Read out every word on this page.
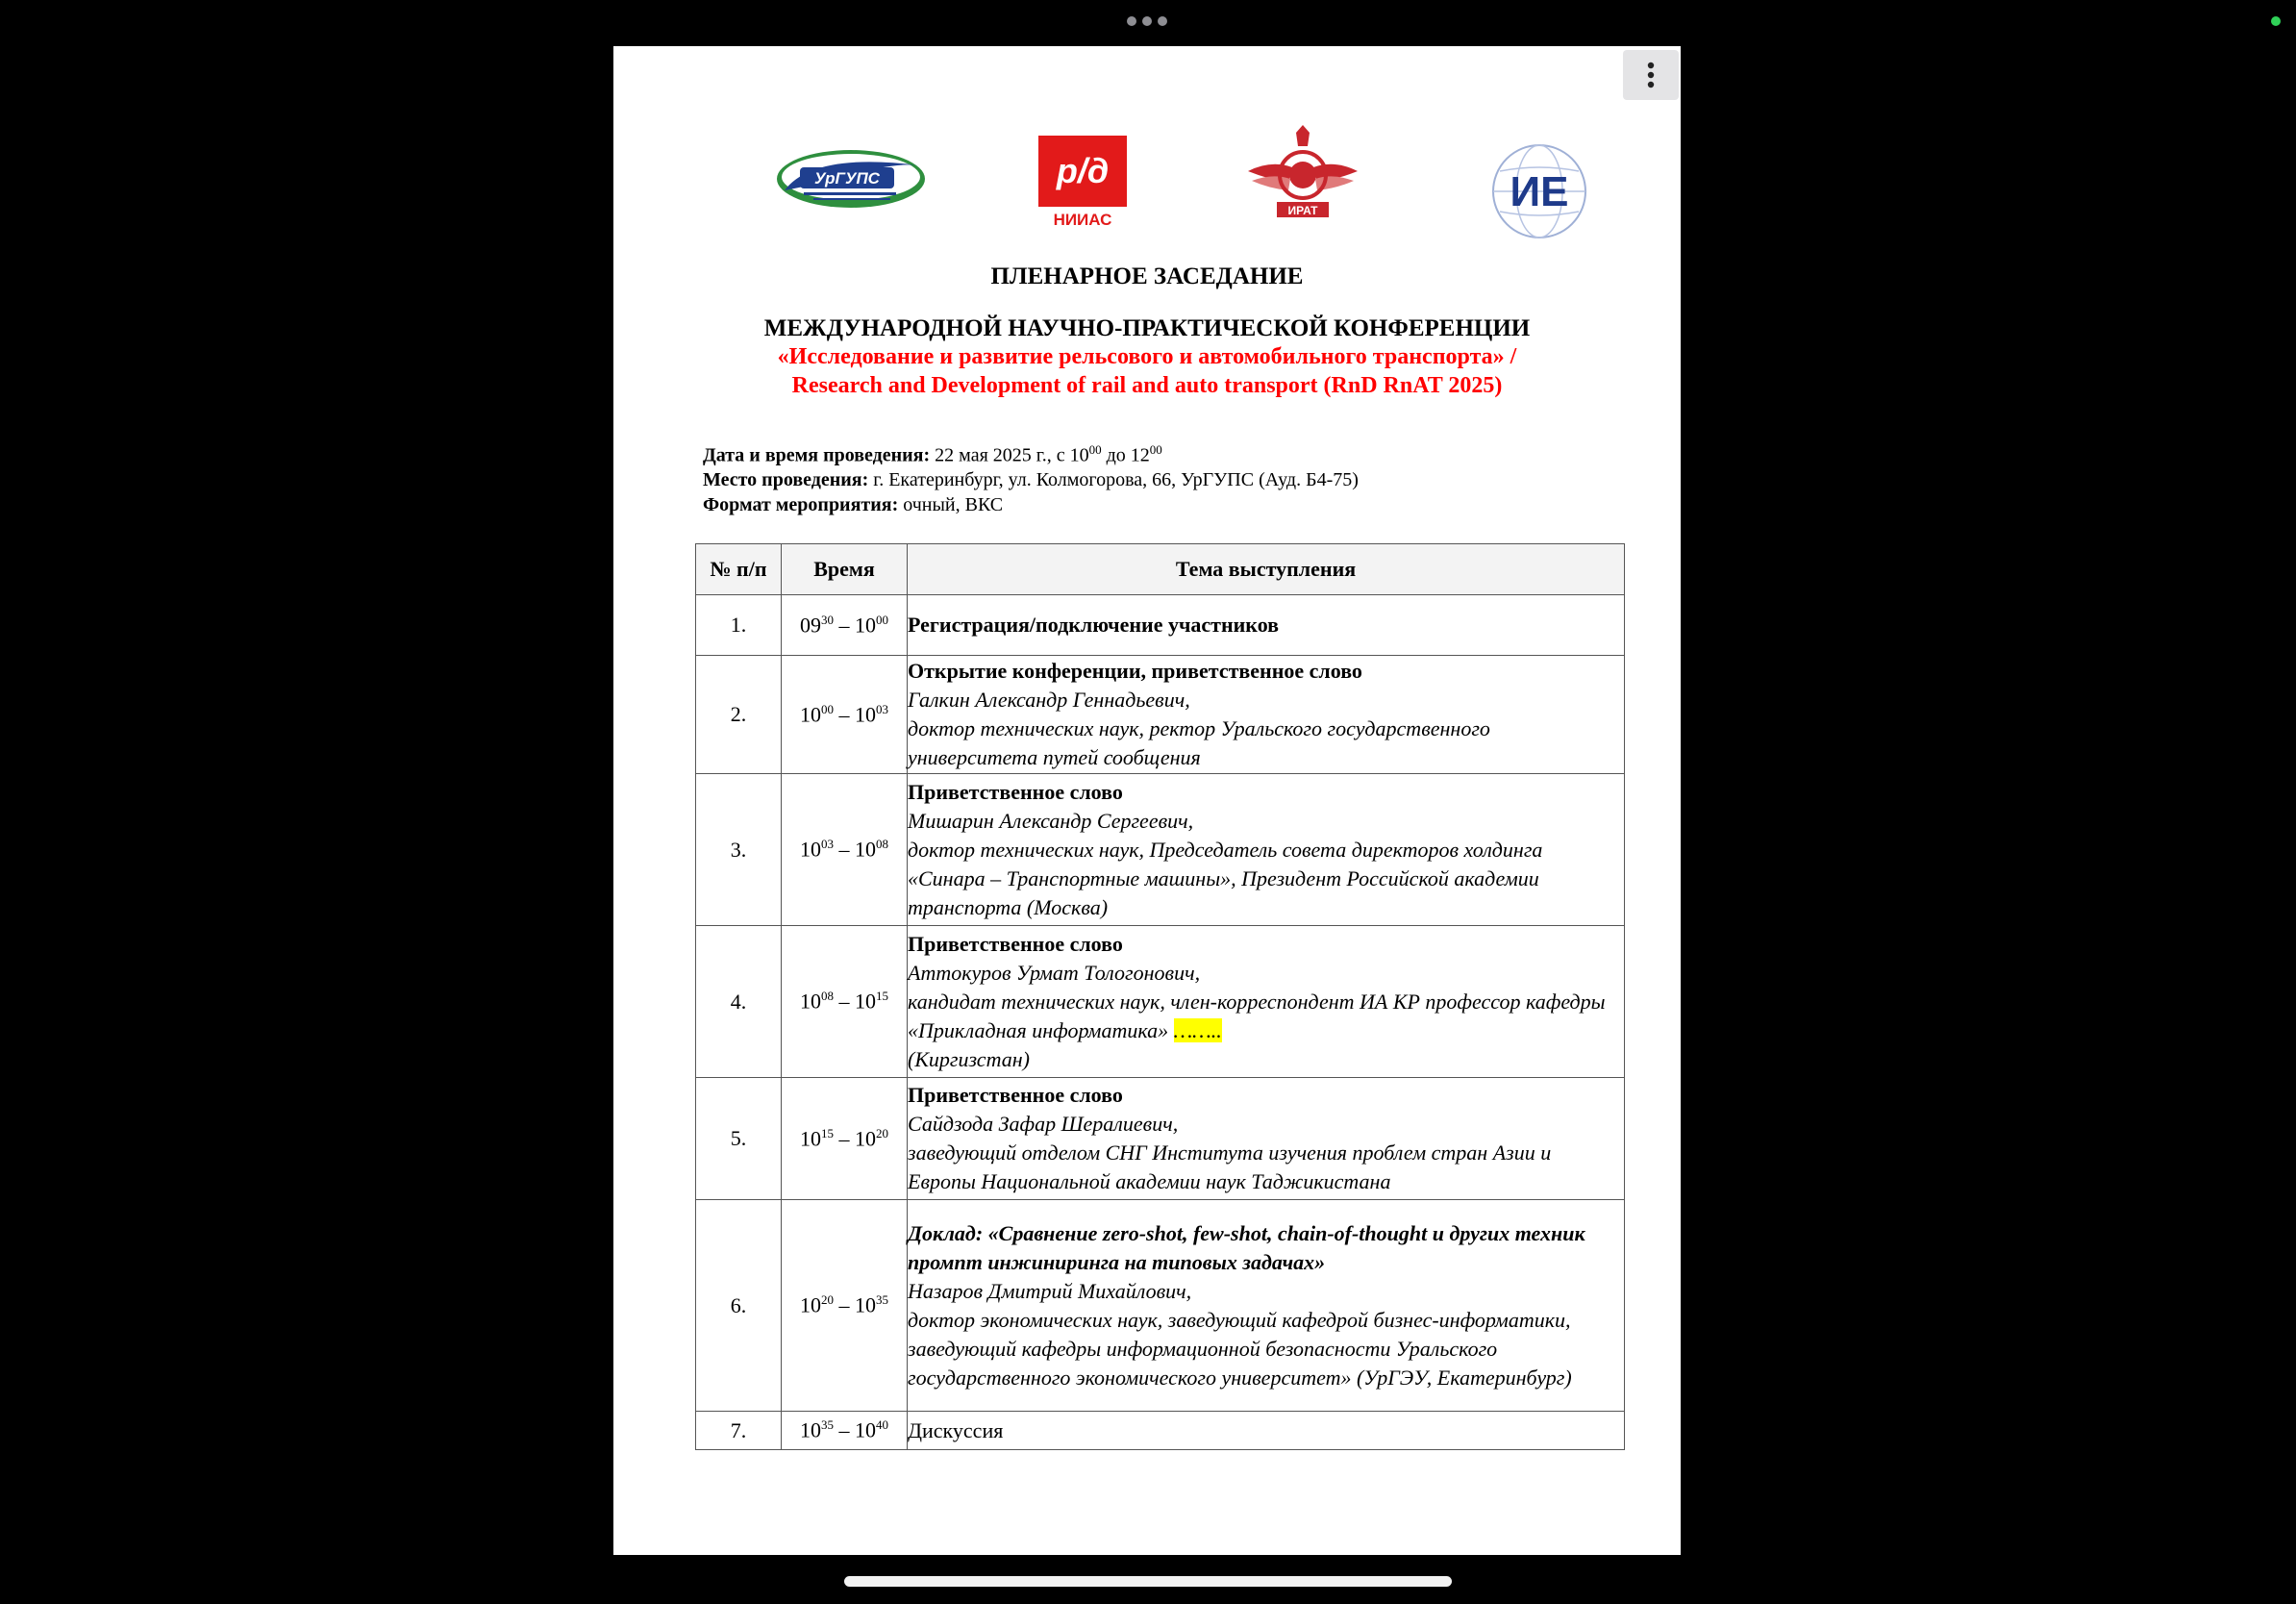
УрГУПС	р/д
НИИАС	ИРАТ	ИЕ
ПЛЕНАРНОЕ ЗАСЕДАНИЕ
МЕЖДУНАРОДНОЙ НАУЧНО-ПРАКТИЧЕСКОЙ КОНФЕРЕНЦИИ
«Исследование и развитие рельсового и автомобильного транспорта» /
Research and Development of rail and auto transport (RnD RnAT 2025)
Дата и время проведения: 22 мая 2025 г., с $10^{00}$ до $12^{00}$
Место проведения: г. Екатеринбург, ул. Колмогорова, 66, УрГУПС (Ауд. Б4-75)
Формат мероприятия: очный, ВКС
№ п/п	Время	Тема выступления
1.	$09^{30} - 10^{00}$	Регистрация/подключение участников

2.	$10^{00} - 10^{03}$	Открытие конференции, приветственное слово
Галкин Александр Геннадьевич,
доктор технических наук, ректор Уральского государственного университета путей сообщения

3.	$10^{03} - 10^{08}$	Приветственное слово
Мишарин Александр Сергеевич,
доктор технических наук, Председатель совета директоров холдинга «Синара – Транспортные машины», Президент Российской академии транспорта (Москва)

4.	$10^{08} - 10^{15}$	Приветственное слово
Аттокуров Урмат Тологонович,
кандидат технических наук, член-корреспондент ИА КР профессор кафедры «Прикладная информатика» ……..
(Киргизстан)

5.	$10^{15} - 10^{20}$	Приветственное слово
Сайдзода Зафар Шералиевич,
заведующий отделом СНГ Института изучения проблем стран Азии и Европы Национальной академии наук Таджикистана

6.	$10^{20} - 10^{35}$	Доклад: «Сравнение zero-shot, few-shot, chain-of-thought и других техник промпт инжиниринга на типовых задачах»
Назаров Дмитрий Михайлович,
доктор экономических наук, заведующий кафедрой бизнес-информатики, заведующий кафедры информационной безопасности Уральского государственного экономического университет» (УрГЭУ, Екатеринбург)

7.	$10^{35} - 10^{40}$	Дискуссия
